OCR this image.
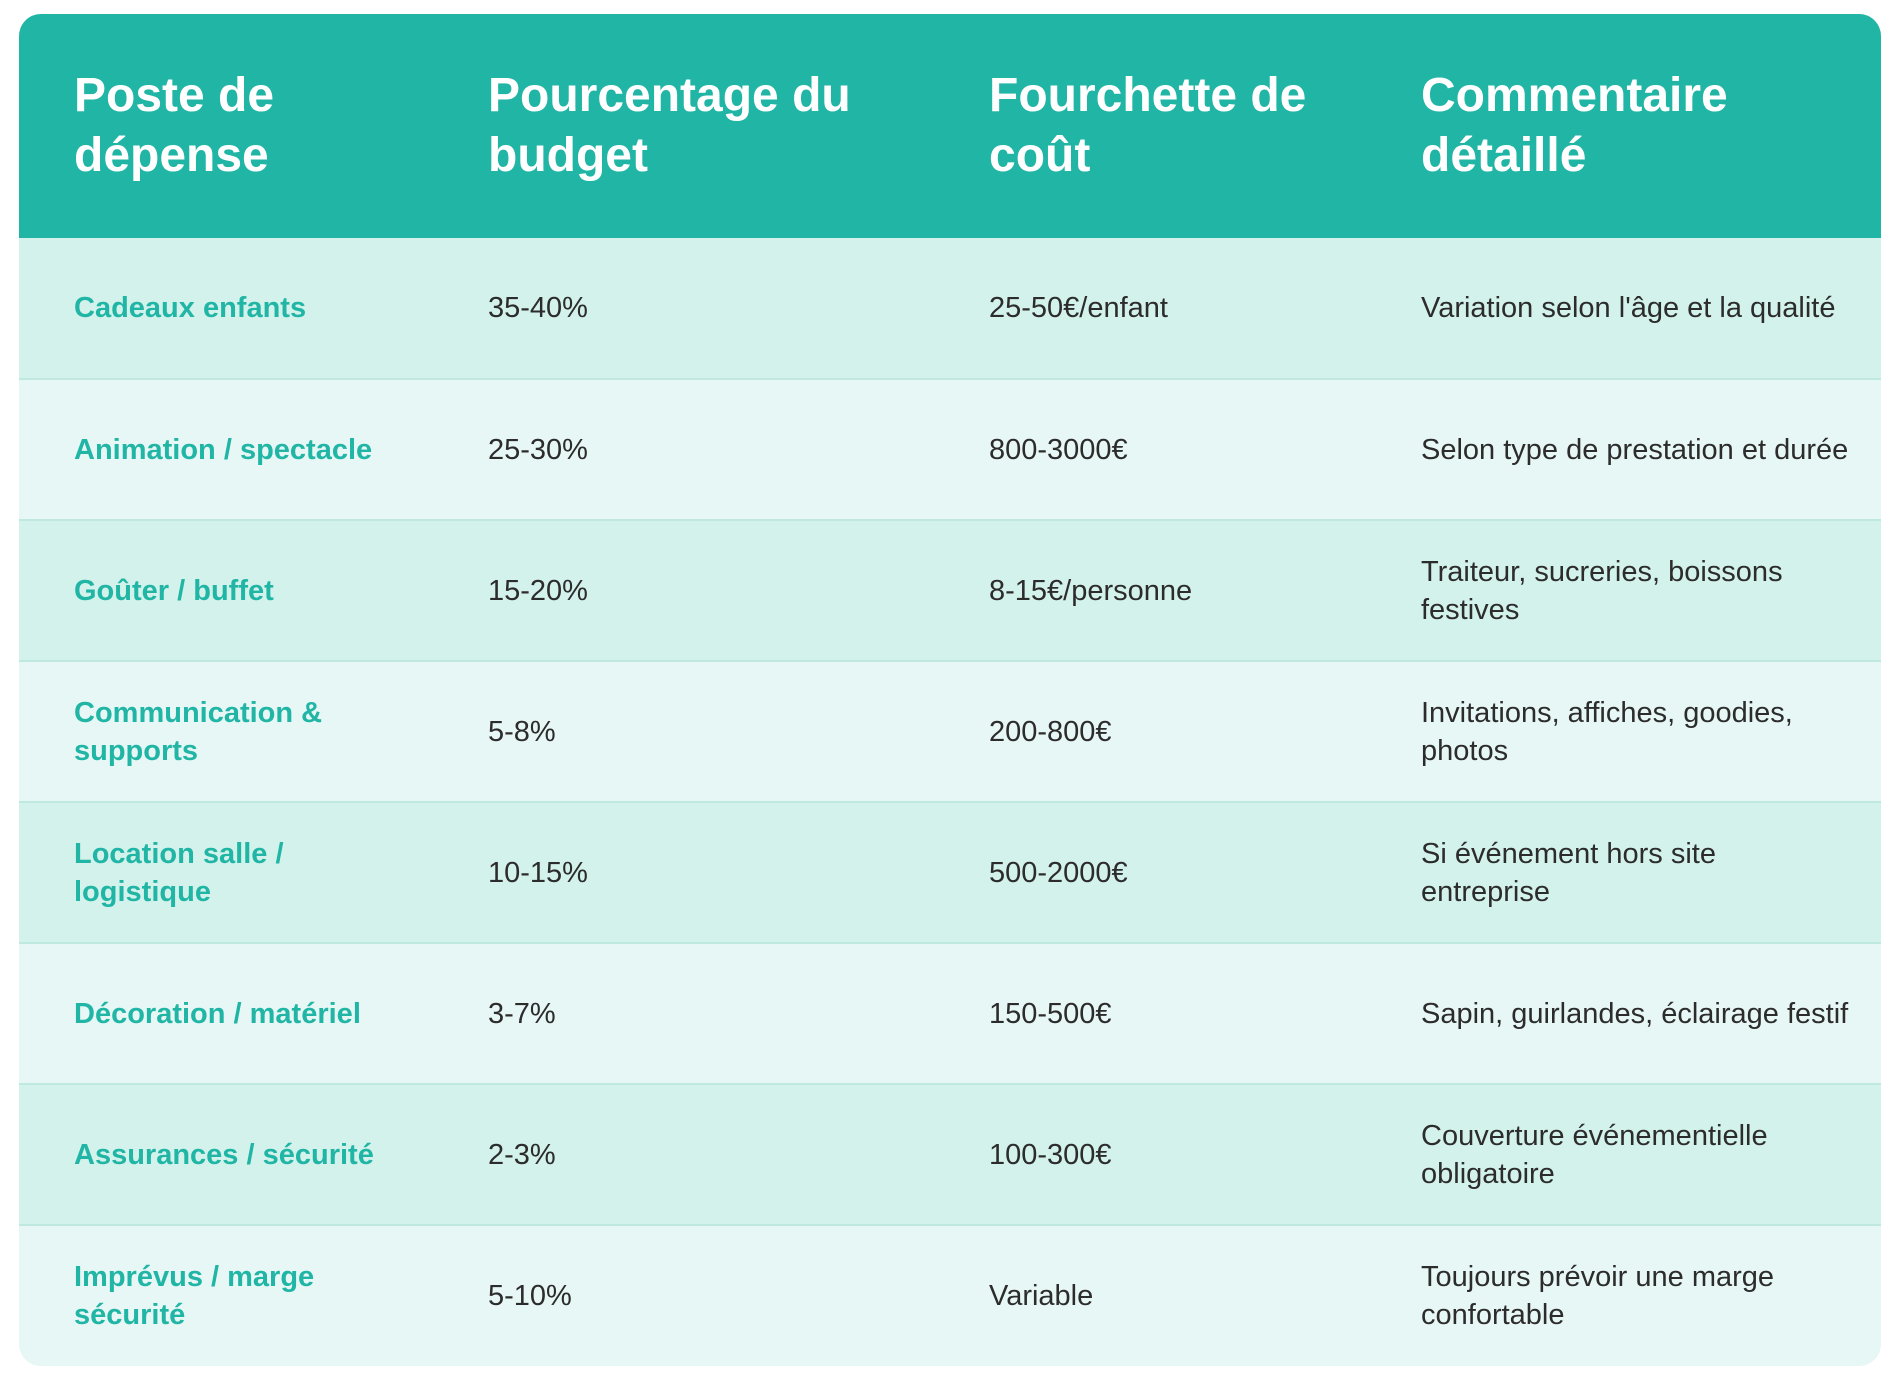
Poste de dépense	Pourcentage du budget	Fourchette de coût	Commentaire détaillé
Cadeaux enfants	35-40%	25-50€/enfant	Variation selon l'âge et la qualité
Animation / spectacle	25-30%	800-3000€	Selon type de prestation et durée
Goûter / buffet	15-20%	8-15€/personne	Traiteur, sucreries, boissons festives
Communication & supports	5-8%	200-800€	Invitations, affiches, goodies, photos
Location salle / logistique	10-15%	500-2000€	Si événement hors site entreprise
Décoration / matériel	3-7%	150-500€	Sapin, guirlandes, éclairage festif
Assurances / sécurité	2-3%	100-300€	Couverture événementielle obligatoire
Imprévus / marge sécurité	5-10%	Variable	Toujours prévoir une marge confortable
